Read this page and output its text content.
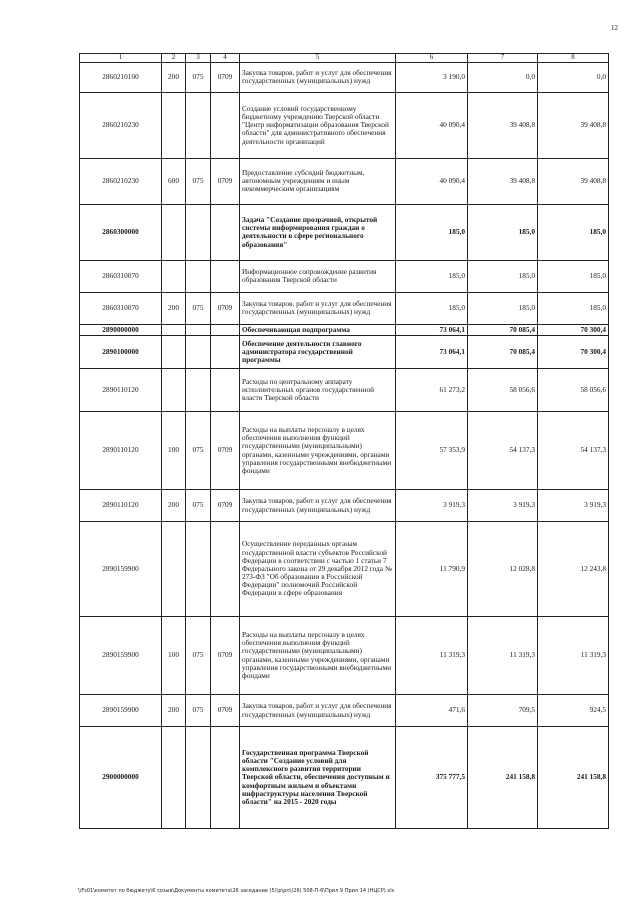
12
1	2	3	4	5	6	7	8
2860210100	200	075	0709	Закупка товаров, работ и услуг для обеспечения государственных (муниципальных) нужд	3 190,0	0,0	0,0
2860210230				Создание условий государственному бюджетному учреждению Тверской области "Центр информатизации образования Тверской области" для административного обеспечения деятельности организаций	40 090,4	39 408,8	39 408,8
2860210230	600	075	0709	Предоставление субсидий бюджетным, автономным учреждениям и иным некоммерческим организациям	40 090,4	39 408,8	39 408,8
2860300000				Задача "Создание прозрачной, открытой системы информирования граждан о деятельности в сфере регионального образования"	185,0	185,0	185,0
2860310070				Информационное сопровождение развития образования Тверской области	185,0	185,0	185,0
2860310070	200	075	0709	Закупка товаров, работ и услуг для обеспечения государственных (муниципальных) нужд	185,0	185,0	185,0
2890000000				Обеспечивающая подпрограмма	73 064,1	70 085,4	70 300,4
2890100000				Обеспечение деятельности главного администратора государственной программы	73 064,1	70 085,4	70 300,4
2890110120				Расходы по центральному аппарату исполнительных органов государственной власти Тверской области	61 273,2	58 056,6	58 056,6
2890110120	100	075	0709	Расходы на выплаты персоналу в целях обеспечения выполнения функций государственными (муниципальными) органами, казенными учреждениями, органами управления государственными внебюджетными фондами	57 353,9	54 137,3	54 137,3
2890110120	200	075	0709	Закупка товаров, работ и услуг для обеспечения государственных (муниципальных) нужд	3 919,3	3 919,3	3 919,3
2890159900				Осуществление переданных органам государственной власти субъектов Российской Федерации в соответствии с частью 1 статьи 7 Федерального закона от 29 декабря 2012 года № 273-ФЗ "Об образовании в Российской Федерации" полномочий Российской Федерации в сфере образования	11 790,9	12 028,8	12 243,8
2890159900	100	075	0709	Расходы на выплаты персоналу в целях обеспечения выполнения функций государственными (муниципальными) органами, казенными учреждениями, органами управления государственными внебюджетными фондами	11 319,3	11 319,3	11 319,3
2890159900	200	075	0709	Закупка товаров, работ и услуг для обеспечения государственных (муниципальных) нужд	471,6	709,5	924,5
2900000000				Государственная программа Тверской области "Создание условий для комплексного развития территории Тверской области, обеспечения доступным и комфортным жильем и объектами инфраструктуры населения Тверской области" на 2015 - 2020 годы	375 777,5	241 158,8	241 158,8
\\Fs01\комитет по бюджету\6 созыв\Документы комитета\26 заседание (5)\р\рп\(26) 508-П-6\Прил 9 Прил 14 (НЦСР).xls
